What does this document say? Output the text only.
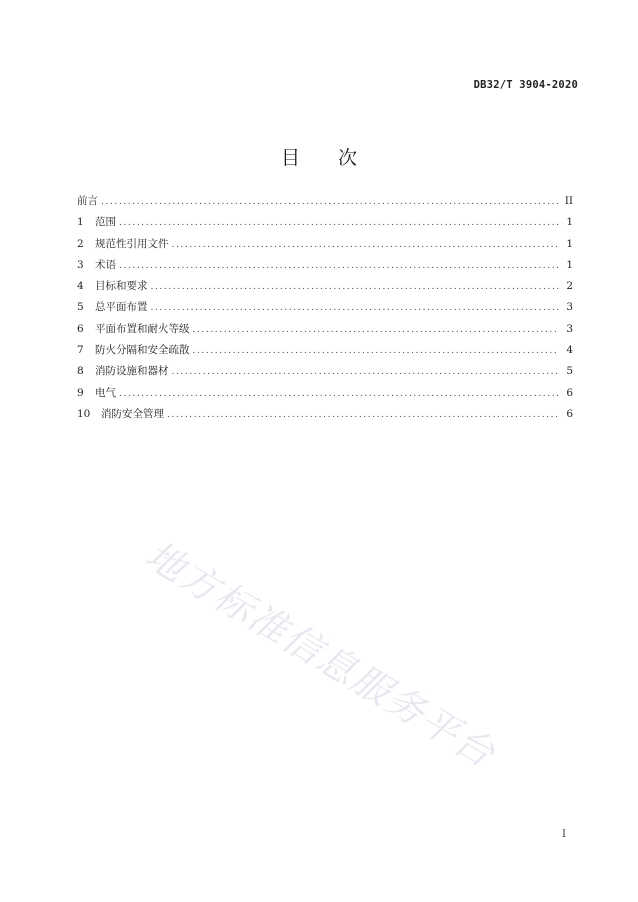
DB32/T 3904-2020
目 次
前言 .....	II
1	范围 .....	1
2	规范性引用文件 .....	1
3	术语 .....	1
4	目标和要求 .....	2
5	总平面布置 .....	3
6	平面布置和耐火等级 .....	3
7	防火分隔和安全疏散 .....	4
8	消防设施和器材 .....	5
9	电气 .....	6
10	消防安全管理 .....	6
地方标准信息服务平台
I
